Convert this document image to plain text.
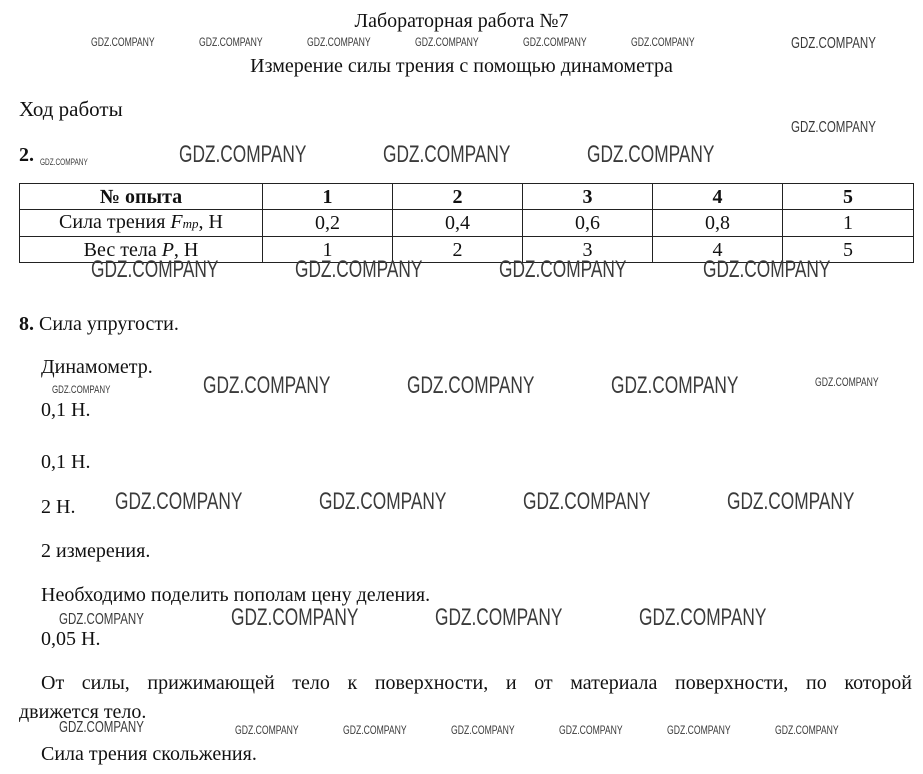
Лабораторная работа №7
Измерение силы трения с помощью динамометра
Ход работы
2.
№ опыта	1	2	3	4	5
Сила трения Fтр, Н	0,2	0,4	0,6	0,8	1
Вес тела P, Н	1	2	3	4	5
8. Сила упругости.
Динамометр.
0,1 Н.
0,1 Н.
2 Н.
2 измерения.
Необходимо поделить пополам цену деления.
0,05 Н.
От силы, прижимающей тело к поверхности, и от материала поверхности, по которой
движется тело.
Сила трения скольжения.
GDZ.COMPANY	GDZ.COMPANY	GDZ.COMPANY	GDZ.COMPANY	GDZ.COMPANY	GDZ.COMPANY	GDZ.COMPANY
GDZ.COMPANY
GDZ.COMPANY	GDZ.COMPANY	GDZ.COMPANY	GDZ.COMPANY
GDZ.COMPANY	GDZ.COMPANY	GDZ.COMPANY	GDZ.COMPANY
GDZ.COMPANY	GDZ.COMPANY	GDZ.COMPANY	GDZ.COMPANY	GDZ.COMPANY
GDZ.COMPANY	GDZ.COMPANY	GDZ.COMPANY	GDZ.COMPANY
GDZ.COMPANY	GDZ.COMPANY	GDZ.COMPANY	GDZ.COMPANY
GDZ.COMPANY	GDZ.COMPANY	GDZ.COMPANY	GDZ.COMPANY	GDZ.COMPANY	GDZ.COMPANY	GDZ.COMPANY
